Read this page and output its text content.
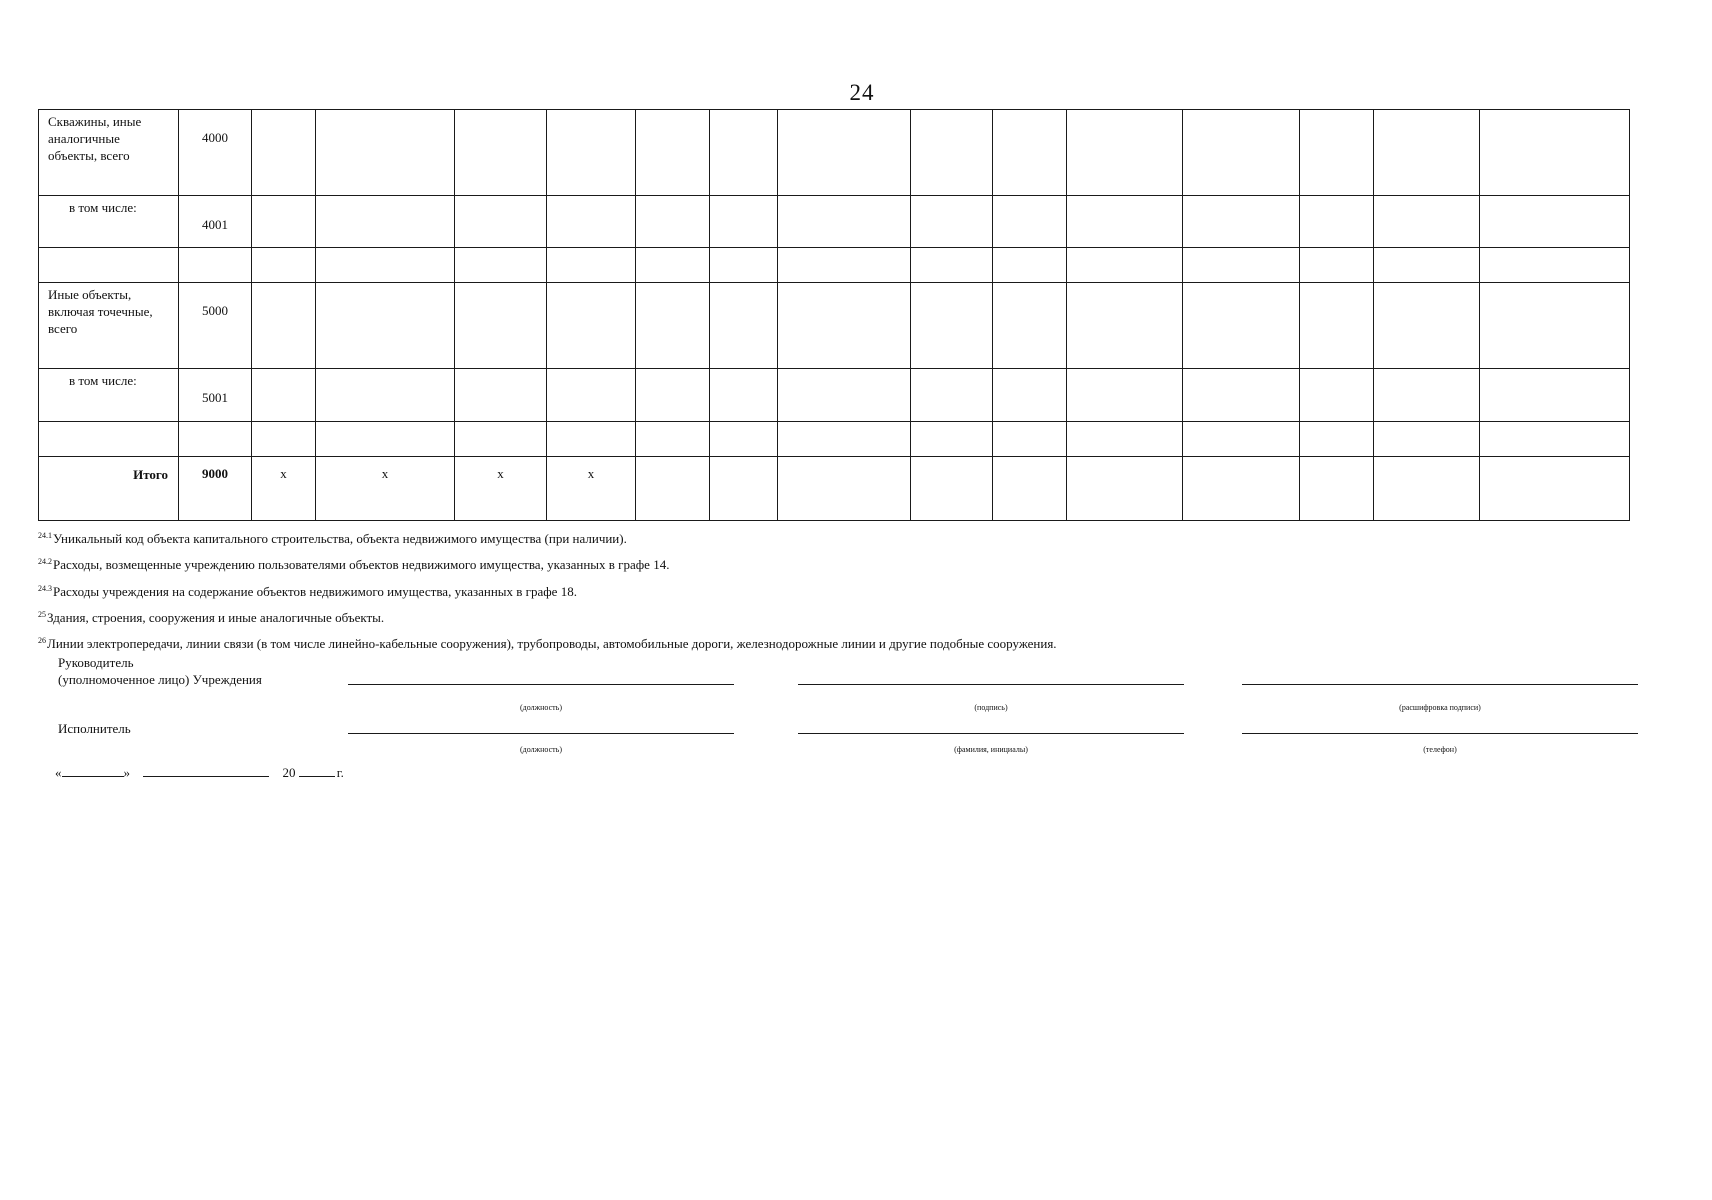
24
Скважины, иные аналогичные объекты, всего	4000														
в том числе:	4001														

Иные объекты, включая точечные, всего	5000														
в том числе:	5001														

Итого	9000	x	x	x	x										
$^{24.1}$Уникальный код объекта капитального строительства, объекта недвижимого имущества (при наличии).
$^{24.2}$Расходы, возмещенные учреждению пользователями объектов недвижимого имущества, указанных в графе 14.
$^{24.3}$Расходы учреждения на содержание объектов недвижимого имущества, указанных в графе 18.
$^{25}$Здания, строения, сооружения и иные аналогичные объекты.
$^{26}$Линии электропередачи, линии связи (в том числе линейно-кабельные сооружения), трубопроводы, автомобильные дороги, железнодорожные линии и другие подобные сооружения.
Руководитель
(уполномоченное лицо) Учреждения
(должность)	(подпись)	(расшифровка подписи)
Исполнитель
(должность)	(фамилия, инициалы)	(телефон)
«	»	20	г.
